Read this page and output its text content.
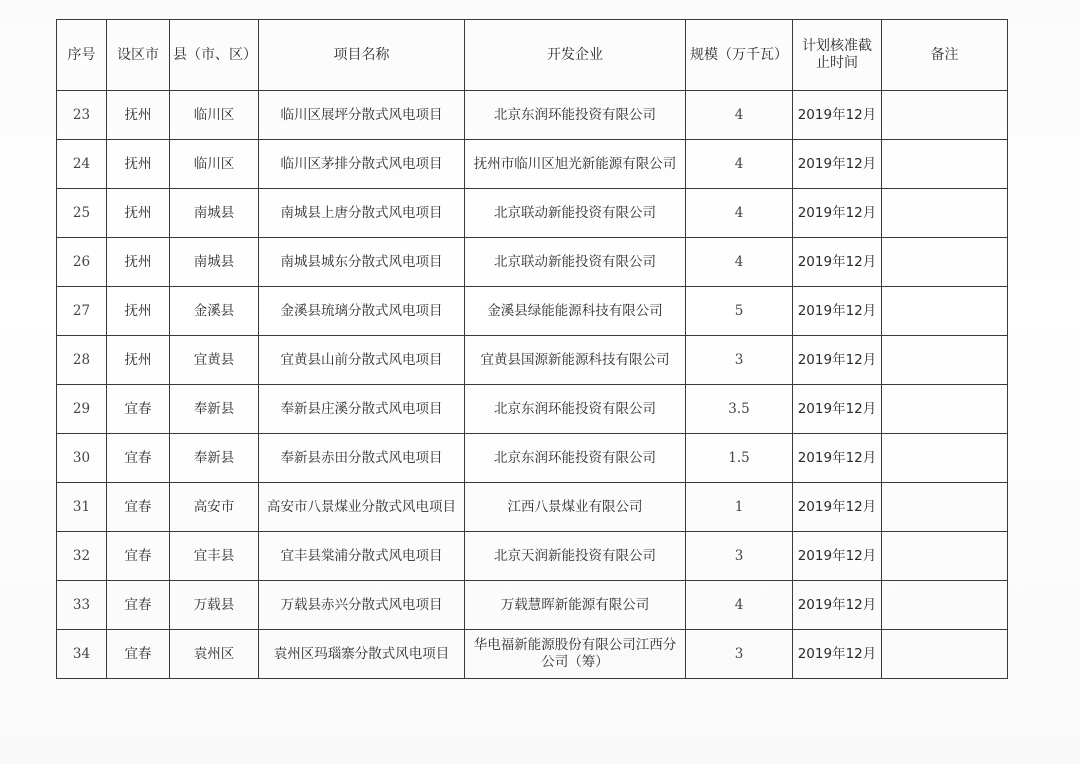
序号	设区市	县（市、区）	项目名称	开发企业	规模（万千瓦）	计划核准截止时间	备注
23	抚州	临川区	临川区展坪分散式风电项目	北京东润环能投资有限公司	4	2019年12月	
24	抚州	临川区	临川区茅排分散式风电项目	抚州市临川区旭光新能源有限公司	4	2019年12月	
25	抚州	南城县	南城县上唐分散式风电项目	北京联动新能投资有限公司	4	2019年12月	
26	抚州	南城县	南城县城东分散式风电项目	北京联动新能投资有限公司	4	2019年12月	
27	抚州	金溪县	金溪县琉璃分散式风电项目	金溪县绿能能源科技有限公司	5	2019年12月	
28	抚州	宜黄县	宜黄县山前分散式风电项目	宜黄县国源新能源科技有限公司	3	2019年12月	
29	宜春	奉新县	奉新县庄溪分散式风电项目	北京东润环能投资有限公司	3.5	2019年12月	
30	宜春	奉新县	奉新县赤田分散式风电项目	北京东润环能投资有限公司	1.5	2019年12月	
31	宜春	高安市	高安市八景煤业分散式风电项目	江西八景煤业有限公司	1	2019年12月	
32	宜春	宜丰县	宜丰县棠浦分散式风电项目	北京天润新能投资有限公司	3	2019年12月	
33	宜春	万载县	万载县赤兴分散式风电项目	万载慧晖新能源有限公司	4	2019年12月	
34	宜春	袁州区	袁州区玛瑙寨分散式风电项目	华电福新能源股份有限公司江西分公司（筹）	3	2019年12月	
